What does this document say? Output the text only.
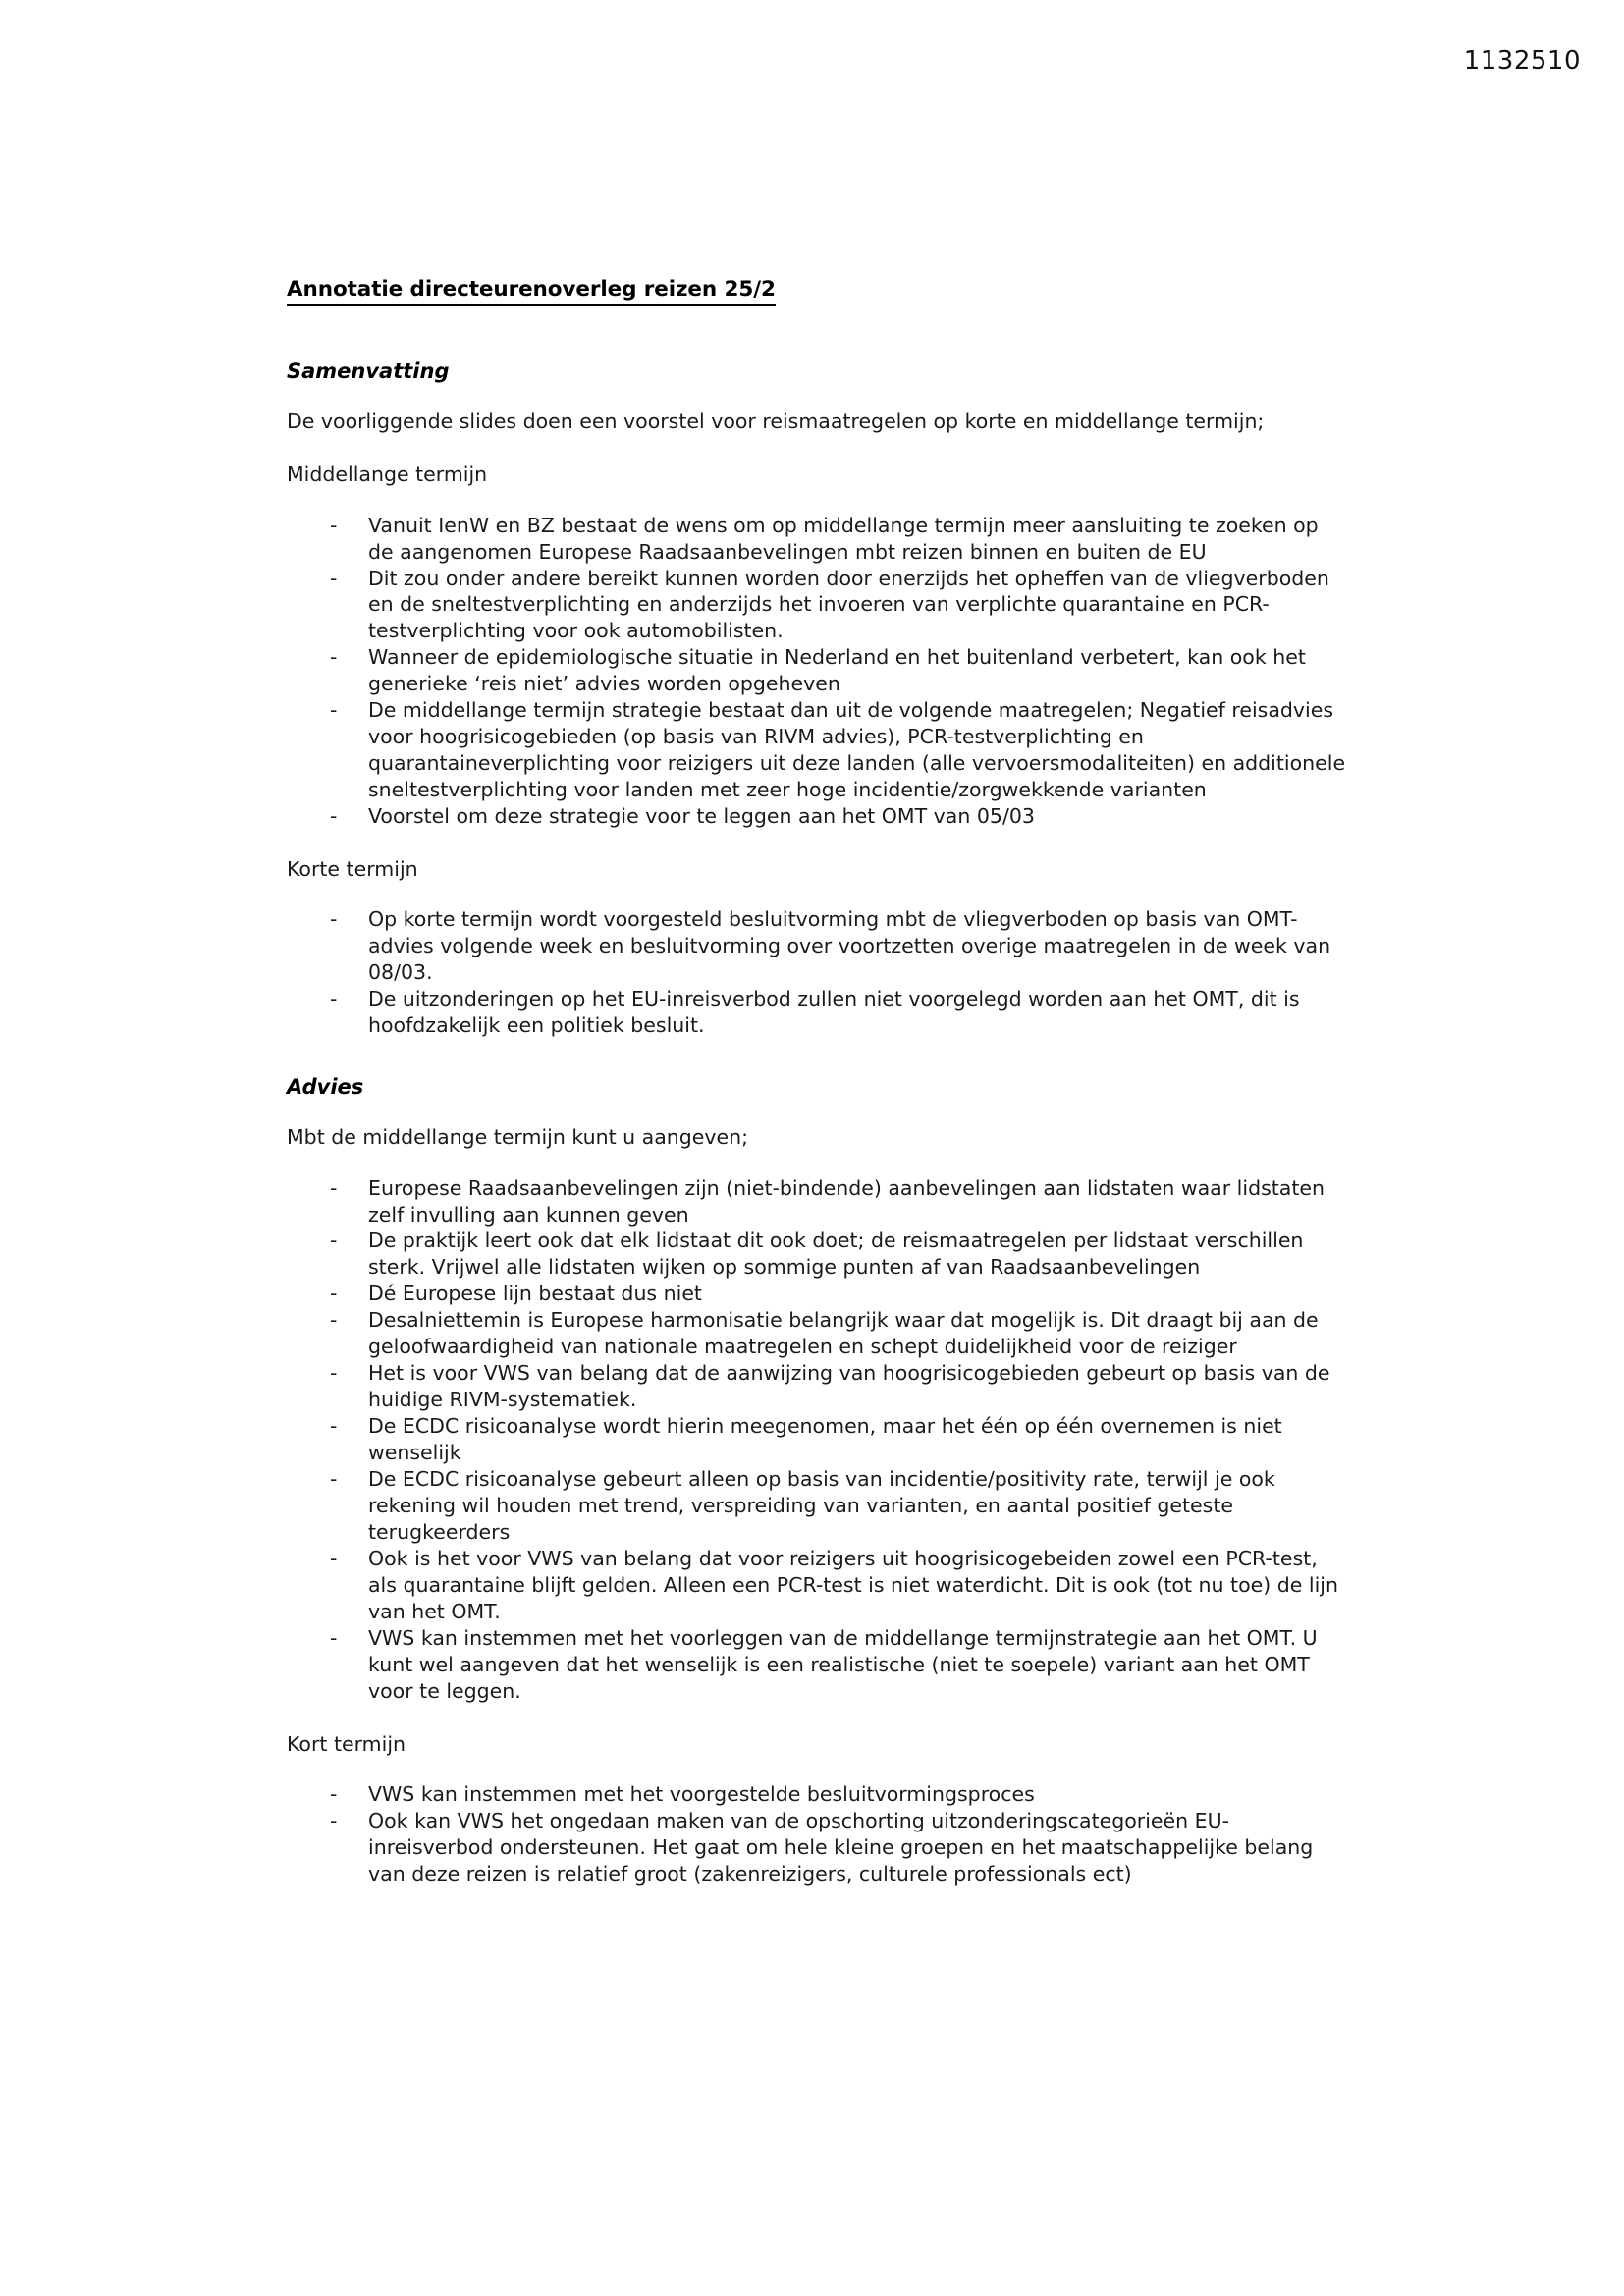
1132510
Annotatie directeurenoverleg reizen 25/2
Samenvatting

De voorliggende slides doen een voorstel voor reismaatregelen op korte en middellange termijn;

Middellange termijn

-	Vanuit IenW en BZ bestaat de wens om op middellange termijn meer aansluiting te zoeken op de aangenomen Europese Raadsaanbevelingen mbt reizen binnen en buiten de EU
-	Dit zou onder andere bereikt kunnen worden door enerzijds het opheffen van de vliegverboden en de sneltestverplichting en anderzijds het invoeren van verplichte quarantaine en PCR-testverplichting voor ook automobilisten.
-	Wanneer de epidemiologische situatie in Nederland en het buitenland verbetert, kan ook het generieke ‘reis niet’ advies worden opgeheven
-	De middellange termijn strategie bestaat dan uit de volgende maatregelen; Negatief reisadvies voor hoogrisicogebieden (op basis van RIVM advies), PCR-testverplichting en quarantaineverplichting voor reizigers uit deze landen (alle vervoersmodaliteiten) en additionele sneltestverplichting voor landen met zeer hoge incidentie/zorgwekkende varianten
-	Voorstel om deze strategie voor te leggen aan het OMT van 05/03

Korte termijn

-	Op korte termijn wordt voorgesteld besluitvorming mbt de vliegverboden op basis van OMT-advies volgende week en besluitvorming over voortzetten overige maatregelen in de week van 08/03.
-	De uitzonderingen op het EU-inreisverbod zullen niet voorgelegd worden aan het OMT, dit is hoofdzakelijk een politiek besluit.
Advies

Mbt de middellange termijn kunt u aangeven;

-	Europese Raadsaanbevelingen zijn (niet-bindende) aanbevelingen aan lidstaten waar lidstaten zelf invulling aan kunnen geven
-	De praktijk leert ook dat elk lidstaat dit ook doet; de reismaatregelen per lidstaat verschillen sterk. Vrijwel alle lidstaten wijken op sommige punten af van Raadsaanbevelingen
-	Dé Europese lijn bestaat dus niet
-	Desalniettemin is Europese harmonisatie belangrijk waar dat mogelijk is. Dit draagt bij aan de geloofwaardigheid van nationale maatregelen en schept duidelijkheid voor de reiziger
-	Het is voor VWS van belang dat de aanwijzing van hoogrisicogebieden gebeurt op basis van de huidige RIVM-systematiek.
-	De ECDC risicoanalyse wordt hierin meegenomen, maar het één op één overnemen is niet wenselijk
-	De ECDC risicoanalyse gebeurt alleen op basis van incidentie/positivity rate, terwijl je ook rekening wil houden met trend, verspreiding van varianten, en aantal positief geteste terugkeerders
-	Ook is het voor VWS van belang dat voor reizigers uit hoogrisicogebeiden zowel een PCR-test, als quarantaine blijft gelden. Alleen een PCR-test is niet waterdicht. Dit is ook (tot nu toe) de lijn van het OMT.
-	VWS kan instemmen met het voorleggen van de middellange termijnstrategie aan het OMT. U kunt wel aangeven dat het wenselijk is een realistische (niet te soepele) variant aan het OMT voor te leggen.

Kort termijn

-	VWS kan instemmen met het voorgestelde besluitvormingsproces
-	Ook kan VWS het ongedaan maken van de opschorting uitzonderingscategorieën EU-inreisverbod ondersteunen. Het gaat om hele kleine groepen en het maatschappelijke belang van deze reizen is relatief groot (zakenreizigers, culturele professionals ect)
